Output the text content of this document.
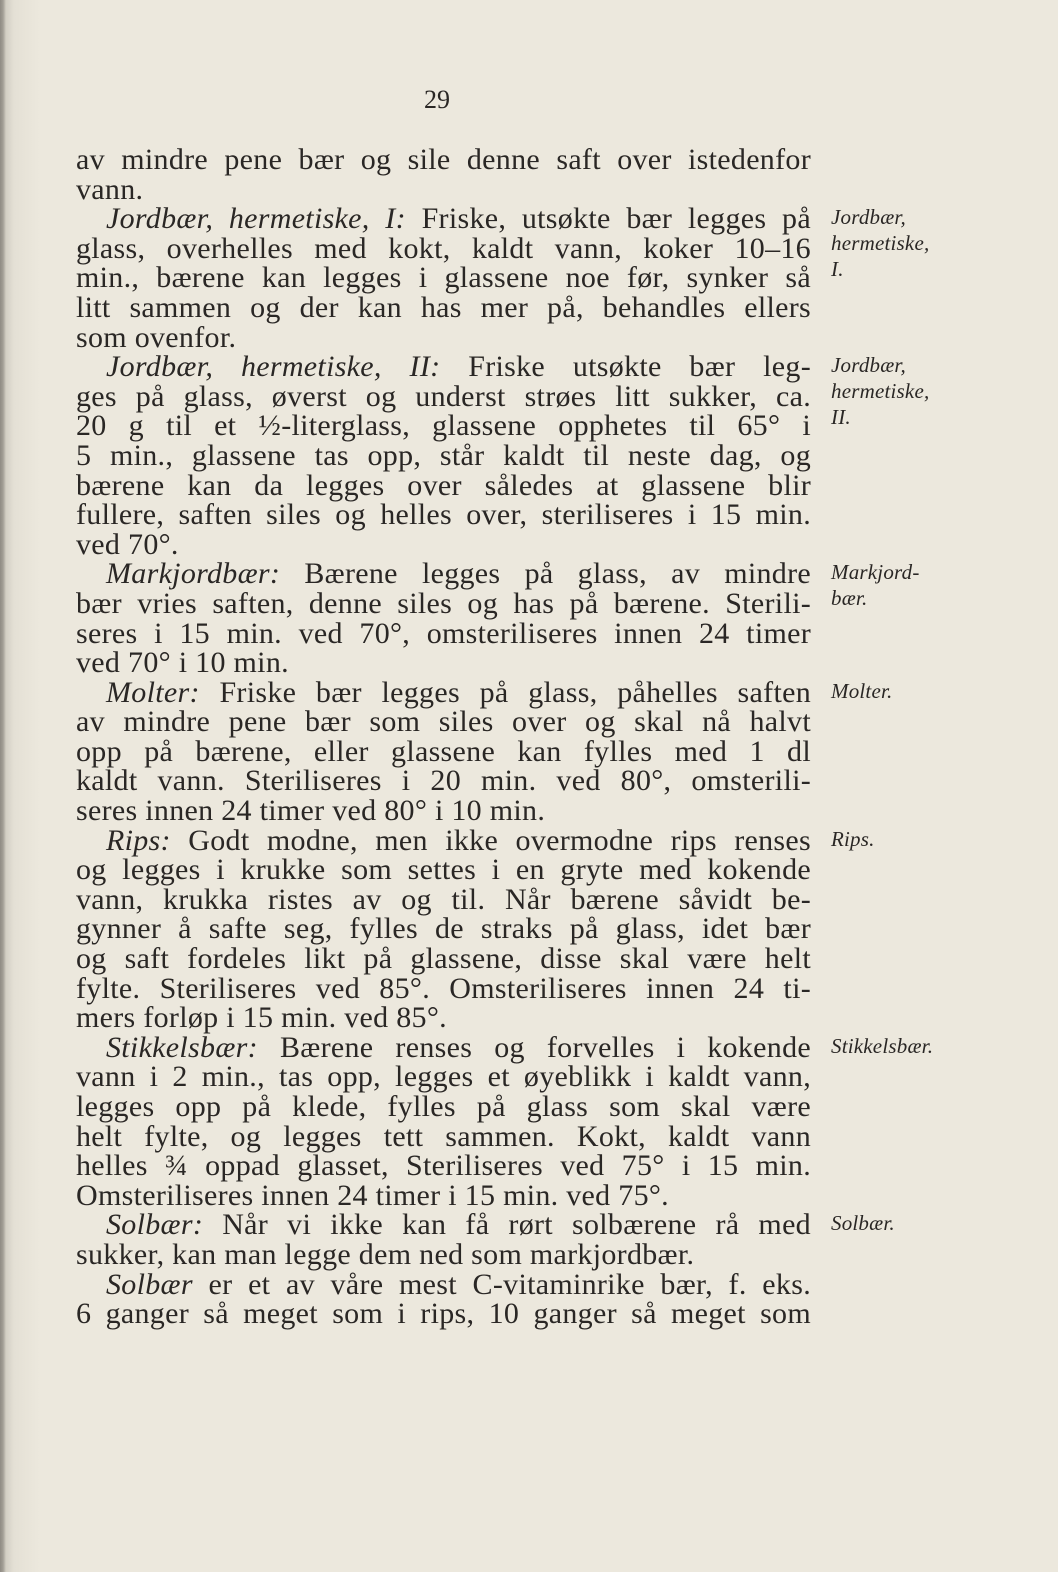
29
av mindre pene bær og sile denne saft over istedenfor
vann.
Jordbær, hermetiske, I: Friske, utsøkte bær legges på Jordbær,
hermetiske,
I.
glass, overhelles med kokt, kaldt vann, koker 10–16
min., bærene kan legges i glassene noe før, synker så
litt sammen og der kan has mer på, behandles ellers
som ovenfor.
Jordbær, hermetiske, II: Friske utsøkte bær leg- Jordbær,
hermetiske,
II.
ges på glass, øverst og underst strøes litt sukker, ca.
20 g til et ½-literglass, glassene opphetes til 65° i
5 min., glassene tas opp, står kaldt til neste dag, og
bærene kan da legges over således at glassene blir
fullere, saften siles og helles over, steriliseres i 15 min.
ved 70°.
Markjordbær: Bærene legges på glass, av mindre Markjord-
bær.
bær vries saften, denne siles og has på bærene. Sterili-
seres i 15 min. ved 70°, omsteriliseres innen 24 timer
ved 70° i 10 min.
Molter: Friske bær legges på glass, påhelles saften Molter.
av mindre pene bær som siles over og skal nå halvt
opp på bærene, eller glassene kan fylles med 1 dl
kaldt vann. Steriliseres i 20 min. ved 80°, omsterili-
seres innen 24 timer ved 80° i 10 min.
Rips: Godt modne, men ikke overmodne rips renses Rips.
og legges i krukke som settes i en gryte med kokende
vann, krukka ristes av og til. Når bærene såvidt be-
gynner å safte seg, fylles de straks på glass, idet bær
og saft fordeles likt på glassene, disse skal være helt
fylte. Steriliseres ved 85°. Omsteriliseres innen 24 ti-
mers forløp i 15 min. ved 85°.
Stikkelsbær: Bærene renses og forvelles i kokende Stikkelsbær.
vann i 2 min., tas opp, legges et øyeblikk i kaldt vann,
legges opp på klede, fylles på glass som skal være
helt fylte, og legges tett sammen. Kokt, kaldt vann
helles ¾ oppad glasset, Steriliseres ved 75° i 15 min.
Omsteriliseres innen 24 timer i 15 min. ved 75°.
Solbær: Når vi ikke kan få rørt solbærene rå med Solbær.
sukker, kan man legge dem ned som markjordbær.
Solbær er et av våre mest C-vitaminrike bær, f. eks.
6 ganger så meget som i rips, 10 ganger så meget som
